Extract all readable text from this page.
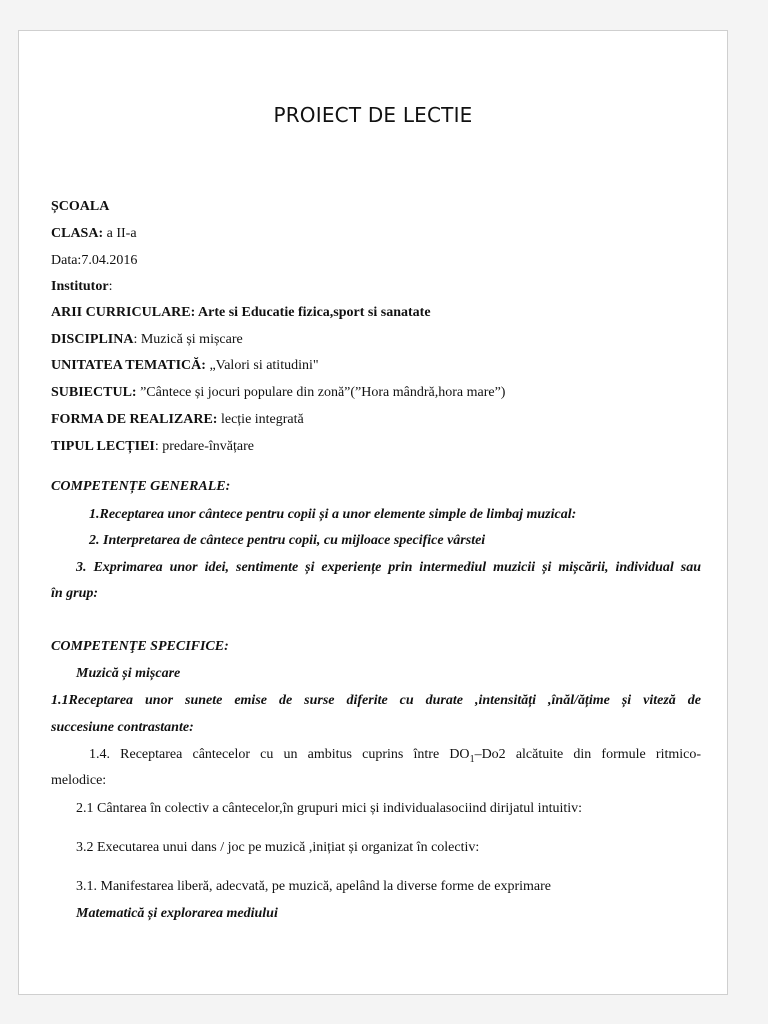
PROIECT DE LECTIE
ȘCOALA
CLASA: a II-a
Data:7.04.2016
Institutor:
ARII CURRICULARE: Arte si Educatie fizica,sport si sanatate
DISCIPLINA: Muzică și mișcare
UNITATEA TEMATICĂ: „Valori si atitudini"
SUBIECTUL: ”Cântece și jocuri populare din zonă”(”Hora mândră,hora mare”)
FORMA DE REALIZARE: lecție integrată
TIPUL LECȚIEI: predare-învățare
COMPETENȚE GENERALE:
1.Receptarea unor cântece pentru copii și a unor elemente simple de limbaj muzical:
2. Interpretarea de cântece pentru copii, cu mijloace specifice vârstei
3. Exprimarea unor idei, sentimente și experiențe prin intermediul muzicii și mișcării, individual sau
în grup:
COMPETENŢE SPECIFICE:
Muzică și mișcare
1.1Receptarea unor sunete emise de surse diferite cu durate ,intensități ,înăl/ățime și viteză de
succesiune contrastante:
1.4. Receptarea cântecelor cu un ambitus cuprins între $DO_1-Do2$ alcătuite din formule ritmico-
melodice:
2.1 Cântarea în colectiv a cântecelor,în grupuri mici și individualasociind dirijatul intuitiv:
3.2 Executarea unui dans / joc pe muzică ,inițiat și organizat în colectiv:
3.1. Manifestarea liberă, adecvată, pe muzică, apelând la diverse forme de exprimare
Matematică și explorarea mediului
